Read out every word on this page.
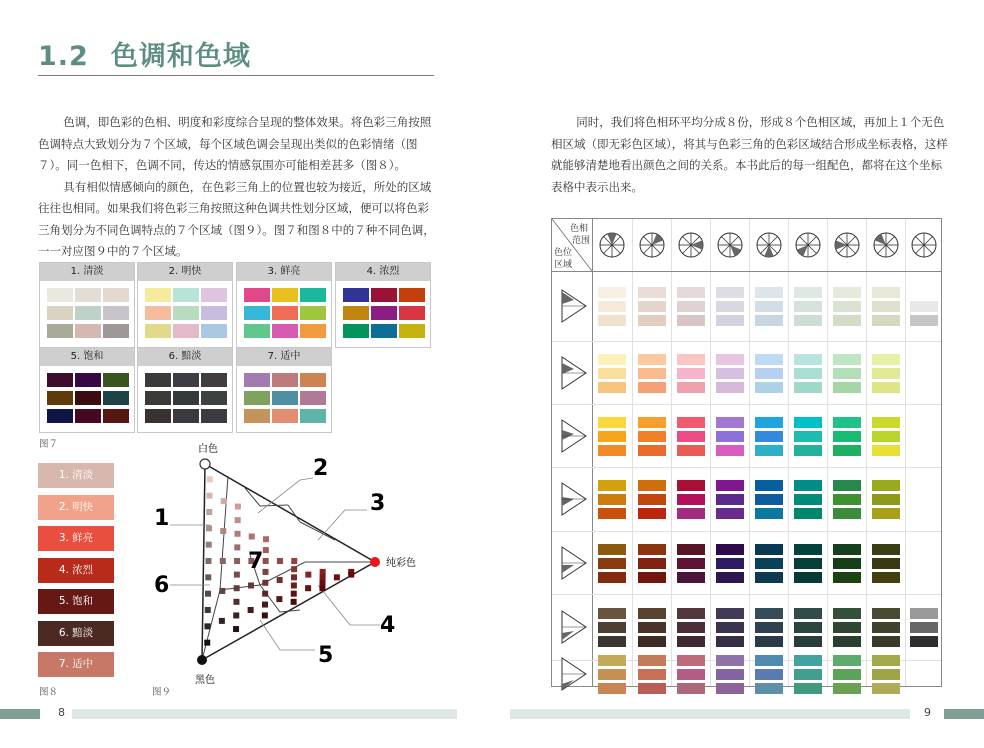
1.2 色调和色域

色调，即色彩的色相、明度和彩度综合呈现的整体效果。将色彩三角按照色调特点大致划分为７个区域，每个区域色调会呈现出类似的色彩情绪（图７）。同一色相下，色调不同，传达的情感氛围亦可能相差甚多（图８）。

具有相似情感倾向的颜色，在色彩三角上的位置也较为接近，所处的区域往往也相同。如果我们将色彩三角按照这种色调共性划分区域，便可以将色彩三角划分为不同色调特点的７个区域（图９）。图７和图８中的７种不同色调，一一对应图９中的７个区域。

同时，我们将色相环平均分成８份，形成８个色相区域，再加上１个无色相区域（即无彩色区域），将其与色彩三角的色彩区域结合形成坐标表格，这样就能够清楚地看出颜色之间的关系。本书此后的每一组配色，都将在这个坐标表格中表示出来。

1. 清淡	2. 明快	3. 鲜亮	4. 浓烈
5. 饱和	6. 黯淡	7. 适中
图７
1. 清淡
2. 明快
3. 鲜亮
4. 浓烈
5. 饱和
6. 黯淡
7. 适中
图８
白色
黑色
纯彩色
1
2
3
4
5
6
7
图９
色相
范围
色位
区域
8	9
